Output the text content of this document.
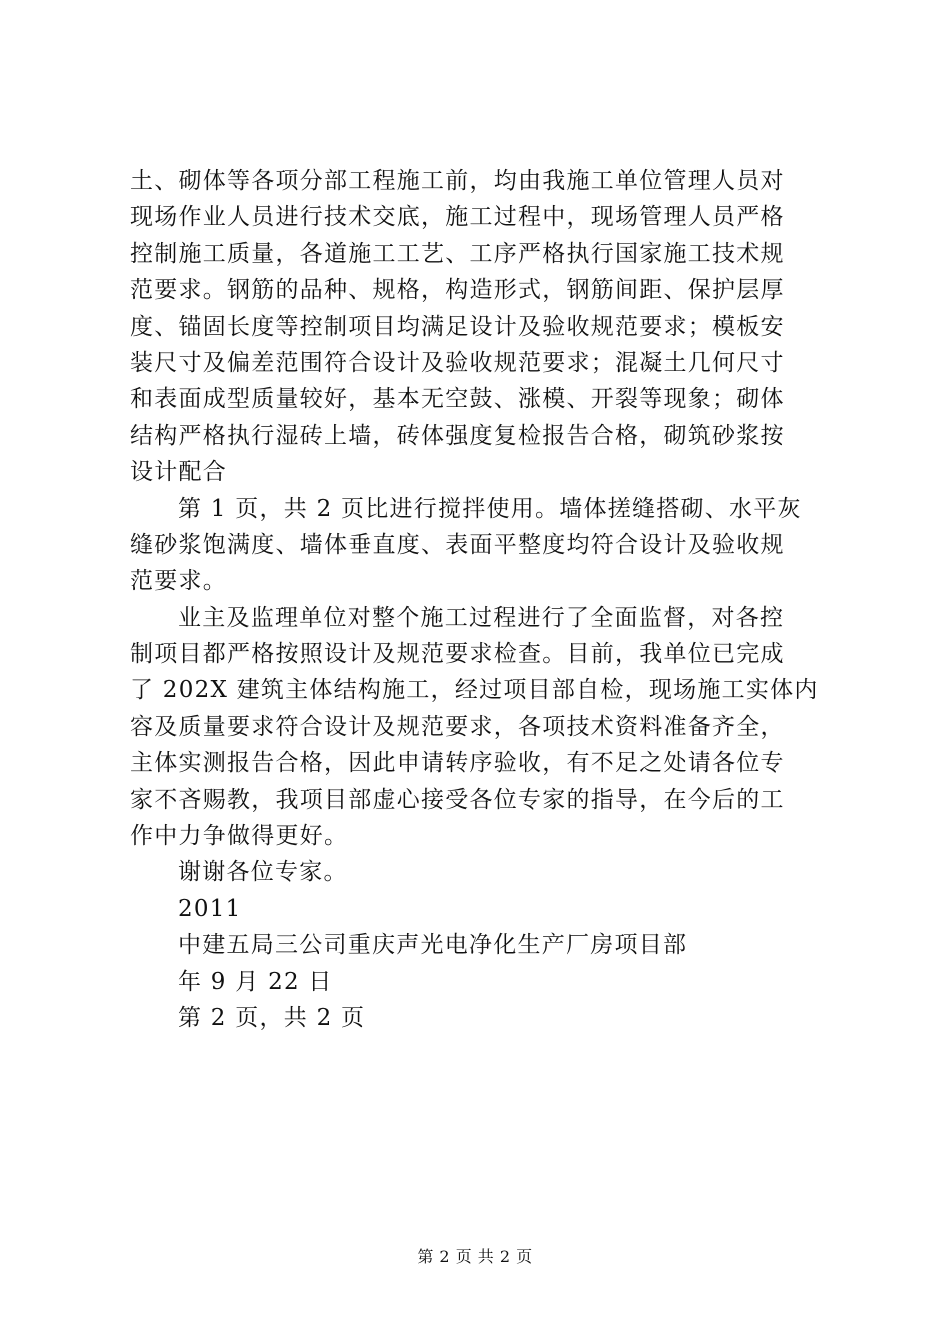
土、砌体等各项分部工程施工前，均由我施工单位管理人员对
现场作业人员进行技术交底，施工过程中，现场管理人员严格
控制施工质量，各道施工工艺、工序严格执行国家施工技术规
范要求。钢筋的品种、规格，构造形式，钢筋间距、保护层厚
度、锚固长度等控制项目均满足设计及验收规范要求；模板安
装尺寸及偏差范围符合设计及验收规范要求；混凝土几何尺寸
和表面成型质量较好，基本无空鼓、涨模、开裂等现象；砌体
结构严格执行湿砖上墙，砖体强度复检报告合格，砌筑砂浆按
设计配合
第 1 页，共 2 页比进行搅拌使用。墙体搓缝搭砌、水平灰
缝砂浆饱满度、墙体垂直度、表面平整度均符合设计及验收规
范要求。
业主及监理单位对整个施工过程进行了全面监督，对各控
制项目都严格按照设计及规范要求检查。目前，我单位已完成
了 202X 建筑主体结构施工，经过项目部自检，现场施工实体内
容及质量要求符合设计及规范要求，各项技术资料准备齐全，
主体实测报告合格，因此申请转序验收，有不足之处请各位专
家不吝赐教，我项目部虚心接受各位专家的指导，在今后的工
作中力争做得更好。
谢谢各位专家。
2011
中建五局三公司重庆声光电净化生产厂房项目部
年 9 月 22 日
第 2 页，共 2 页
第 2 页 共 2 页
